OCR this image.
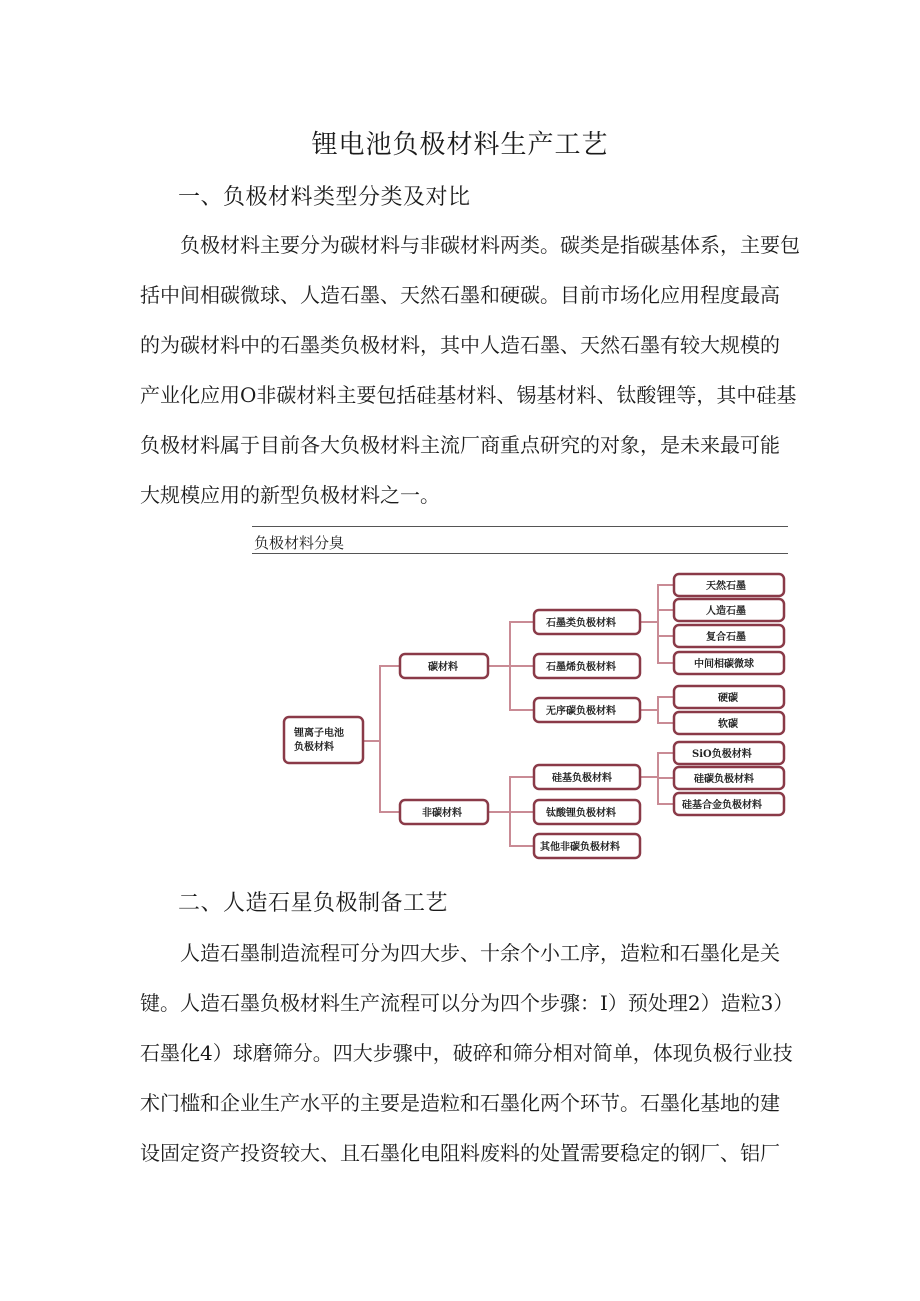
锂电池负极材料生产工艺
一、负极材料类型分类及对比
负极材料主要分为碳材料与非碳材料两类。碳类是指碳基体系，主要包
括中间相碳微球、人造石墨、天然石墨和硬碳。目前市场化应用程度最高
的为碳材料中的石墨类负极材料，其中人造石墨、天然石墨有较大规模的
产业化应用O非碳材料主要包括硅基材料、锡基材料、钛酸锂等，其中硅基
负极材料属于目前各大负极材料主流厂商重点研究的对象，是未来最可能
大规模应用的新型负极材料之一。
负极材料分臭
锂离子电池负极材料
碳材料
非碳材料
石墨类负极材料
石墨烯负极材料
无序碳负极材料
硅基负极材料
钛酸锂负极材料
其他非碳负极材料
天然石墨
人造石墨
复合石墨
中间相碳微球
硬碳
软碳
SiO负极材料
硅碳负极材料
硅基合金负极材料
二、人造石星负极制备工艺
人造石墨制造流程可分为四大步、十余个小工序，造粒和石墨化是关
键。人造石墨负极材料生产流程可以分为四个步骤：I）预处理2）造粒3）
石墨化4）球磨筛分。四大步骤中，破碎和筛分相对简单，体现负极行业技
术门槛和企业生产水平的主要是造粒和石墨化两个环节。石墨化基地的建
设固定资产投资较大、且石墨化电阻料废料的处置需要稳定的钢厂、铝厂
